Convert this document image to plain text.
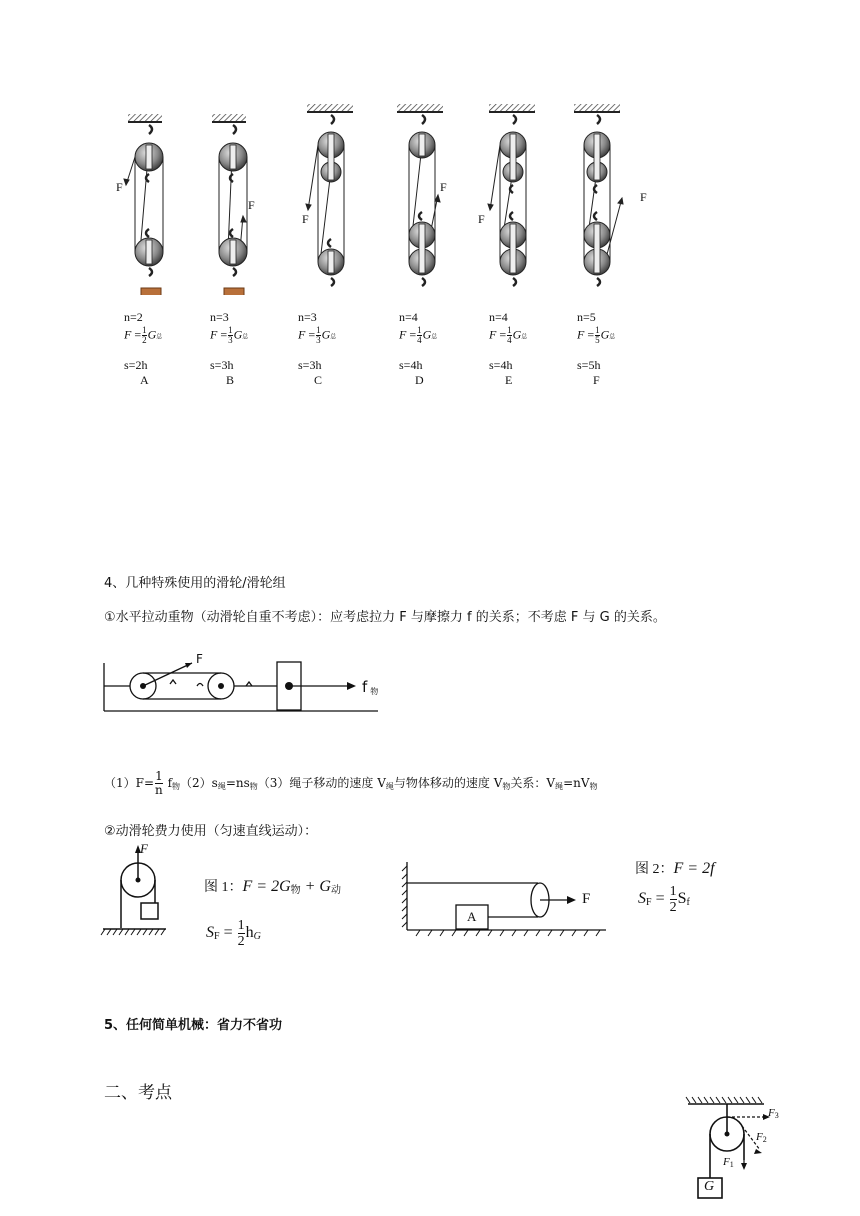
F
F
F
F
F
F
n=2
$F = \frac{1}{2}$ G总
s=2h
A
n=3
$F = \frac{1}{3}$ G总
s=3h
B
n=3
$F = \frac{1}{3}$ G总
s=3h
C
n=4
$F = \frac{1}{4}$ G总
s=4h
D
n=4
$F = \frac{1}{4}$ G总
s=4h
E
n=5
$F = \frac{1}{5}$ G总
s=5h
F
4、几种特殊使用的滑轮/滑轮组
①水平拉动重物（动滑轮自重不考虑）：应考虑拉力 F 与摩擦力 f 的关系；不考虑 F 与 G 的关系。
F
f $_物$
$(1)F= \frac{1}{n} f_物(2)s_绳=ns_物(3)$绳子移动的速度 $V_绳$与物体移动的速度 $V_物$关系：$V_绳=nV_物$
②动滑轮费力使用（匀速直线运动）：
F
图 1：$F = 2G_物 + G_动$
$S_F = \frac{1}{2} h_G$
A
F
图 2：F = 2f
$S_F = \frac{1}{2} S_f$
5、任何简单机械：省力不省功
二、考点
F3
F2
F1
G
